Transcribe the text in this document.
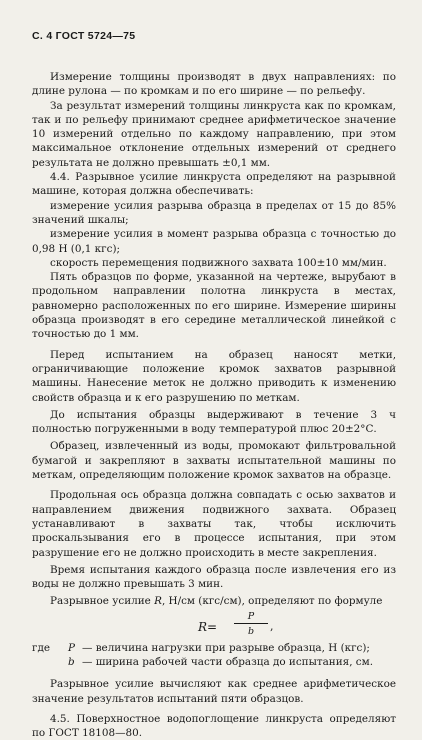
С. 4 ГОСТ 5724—75

Измерение толщины производят в двух направлениях: по длине рулона — по кромкам и по его ширине — по рельефу.

За результат измерений толщины линкруста как по кромкам, так и по рельефу принимают среднее арифметическое значение 10 измерений отдельно по каждому направлению, при этом максимальное отклонение отдельных измерений от среднего результата не должно превышать ±0,1 мм.

4.4. Разрывное усилие линкруста определяют на разрывной машине, которая должна обеспечивать:

измерение усилия разрыва образца в пределах от 15 до 85% значений шкалы;

измерение усилия в момент разрыва образца с точностью до 0,98 Н (0,1 кгс);

скорость перемещения подвижного захвата 100±10 мм/мин.

Пять образцов по форме, указанной на чертеже, вырубают в продольном направлении полотна линкруста в местах, равномерно расположенных по его ширине. Измерение ширины образца производят в его середине металлической линейкой с точностью до 1 мм.

Перед испытанием на образец наносят метки, ограничивающие положение кромок захватов разрывной машины. Нанесение меток не должно приводить к изменению свойств образца и к его разрушению по меткам.

До испытания образцы выдерживают в течение 3 ч полностью погруженными в воду температурой плюс 20±2°С.

Образец, извлеченный из воды, промокают фильтровальной бумагой и закрепляют в захваты испытательной машины по меткам, определяющим положение кромок захватов на образце.

Продольная ось образца должна совпадать с осью захватов и направлением движения подвижного захвата. Образец устанавливают в захваты так, чтобы исключить проскальзывания его в процессе испытания, при этом разрушение его не должно происходить в месте закрепления.

Время испытания каждого образца после извлечения его из воды не должно превышать 3 мин.

Разрывное усилие R, Н/см (кгс/см), определяют по формуле

R=
P
b	,
где	P — величина нагрузки при разрыве образца, Н (кгс);
b — ширина рабочей части образца до испытания, см.

Разрывное усилие вычисляют как среднее арифметическое значение результатов испытаний пяти образцов.

4.5. Поверхностное водопоглощение линкруста определяют по ГОСТ 18108—80.
